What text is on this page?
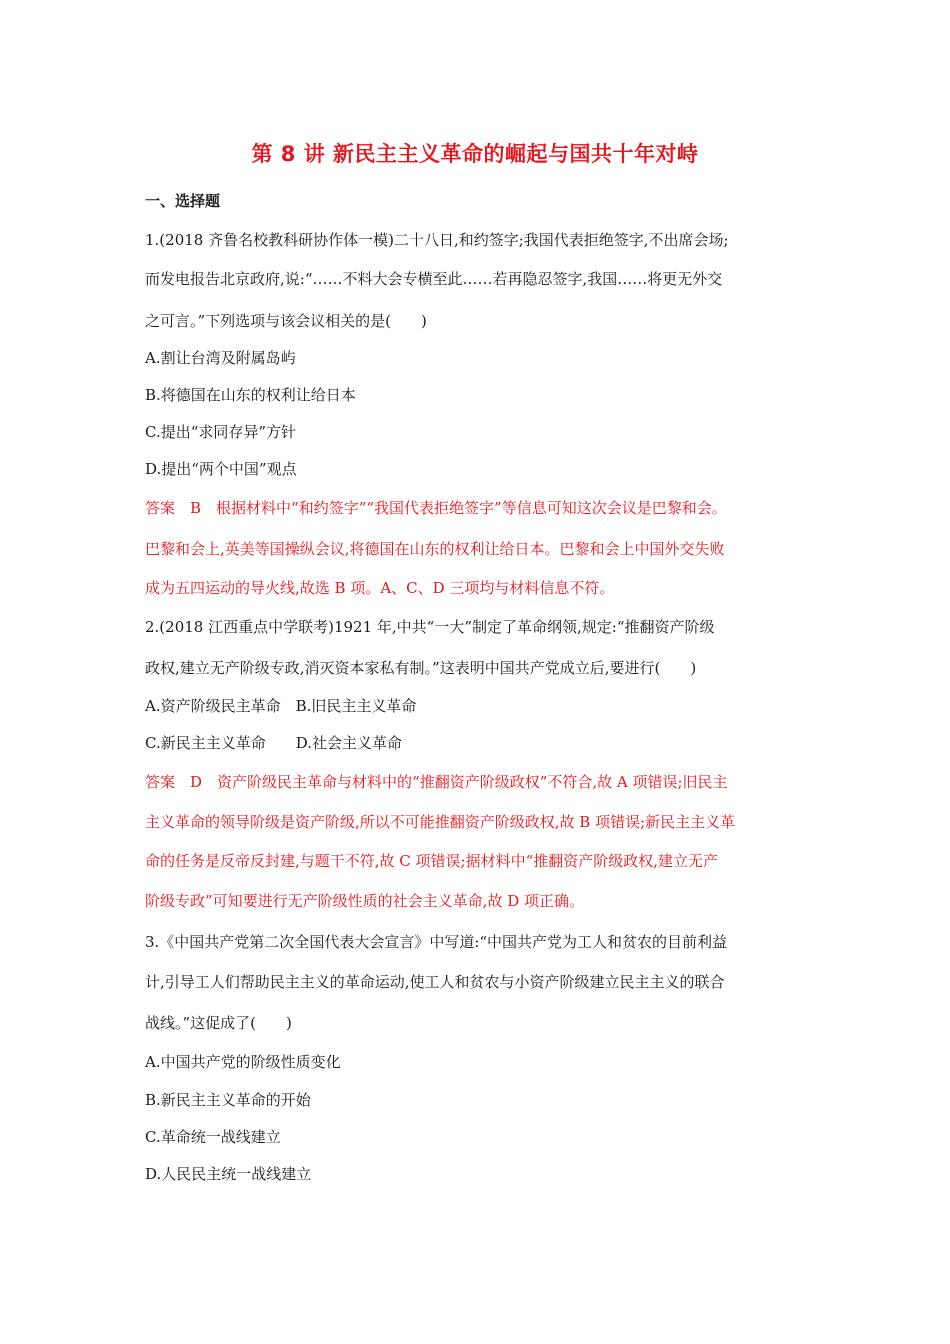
第 8 讲 新民主主义革命的崛起与国共十年对峙
一、选择题
1.(2018 齐鲁名校教科研协作体一模)二十八日,和约签字;我国代表拒绝签字,不出席会场;
而发电报告北京政府,说:“……不料大会专横至此……若再隐忍签字,我国……将更无外交
之可言。”下列选项与该会议相关的是(　　)
A.割让台湾及附属岛屿
B.将德国在山东的权利让给日本
C.提出“求同存异”方针
D.提出“两个中国”观点
答案　B　根据材料中“和约签字”“我国代表拒绝签字”等信息可知这次会议是巴黎和会。
巴黎和会上,英美等国操纵会议,将德国在山东的权利让给日本。巴黎和会上中国外交失败
成为五四运动的导火线,故选 B 项。A、C、D 三项均与材料信息不符。
2.(2018 江西重点中学联考)1921 年,中共“一大”制定了革命纲领,规定:“推翻资产阶级
政权,建立无产阶级专政,消灭资本家私有制。”这表明中国共产党成立后,要进行(　　)
A.资产阶级民主革命　B.旧民主主义革命
C.新民主主义革命　　D.社会主义革命
答案　D　资产阶级民主革命与材料中的“推翻资产阶级政权”不符合,故 A 项错误;旧民主
主义革命的领导阶级是资产阶级,所以不可能推翻资产阶级政权,故 B 项错误;新民主主义革
命的任务是反帝反封建,与题干不符,故 C 项错误;据材料中“推翻资产阶级政权,建立无产
阶级专政”可知要进行无产阶级性质的社会主义革命,故 D 项正确。
3.《中国共产党第二次全国代表大会宣言》中写道:“中国共产党为工人和贫农的目前利益
计,引导工人们帮助民主主义的革命运动,使工人和贫农与小资产阶级建立民主主义的联合
战线。”这促成了(　　)
A.中国共产党的阶级性质变化
B.新民主主义革命的开始
C.革命统一战线建立
D.人民民主统一战线建立
